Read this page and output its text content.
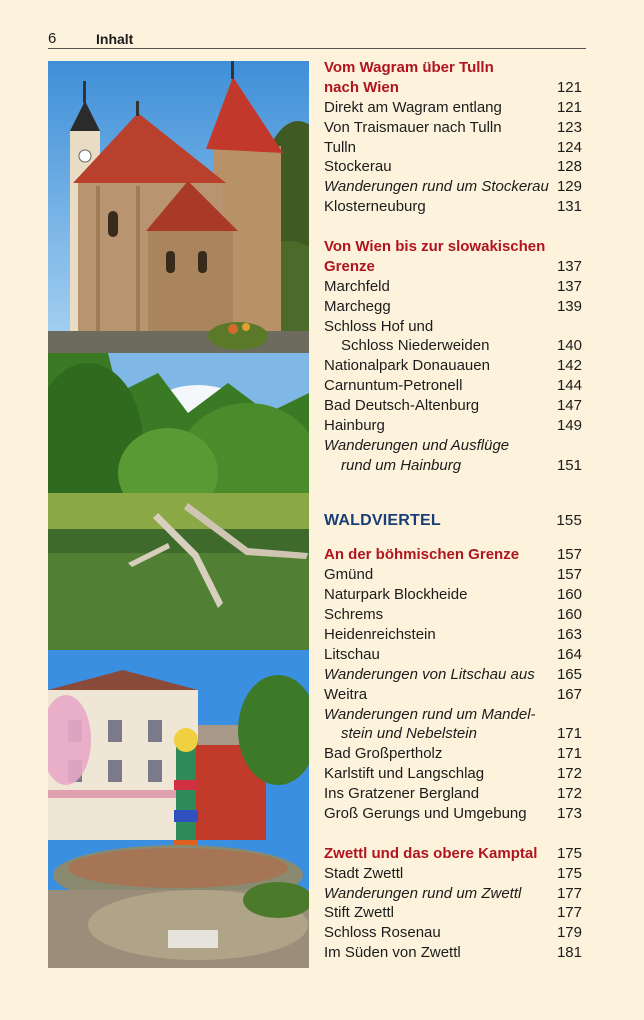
6	Inhalt
Vom Wagram über Tulln
nach Wien	121
Direkt am Wagram entlang	121
Von Traismauer nach Tulln	123
Tulln	124
Stockerau	128
Wanderungen rund um Stockerau 129
Klosterneuburg	131
Von Wien bis zur slowakischen
Grenze	137
Marchfeld	137
Marchegg	139
Schloss Hof und
Schloss Niederweiden	140
Nationalpark Donauauen	142
Carnuntum-Petronell	144
Bad Deutsch-Altenburg	147
Hainburg	149
Wanderungen und Ausflüge
rund um Hainburg	151
WALDVIERTEL	155
An der böhmischen Grenze	157
Gmünd	157
Naturpark Blockheide	160
Schrems	160
Heidenreichstein	163
Litschau	164
Wanderungen von Litschau aus 165
Weitra	167
Wanderungen rund um Mandel-
stein und Nebelstein	171
Bad Großpertholz	171
Karlstift und Langschlag	172
Ins Gratzener Bergland	172
Groß Gerungs und Umgebung 173
Zwettl und das obere Kamptal 175
Stadt Zwettl	175
Wanderungen rund um Zwettl 177
Stift Zwettl	177
Schloss Rosenau	179
Im Süden von Zwettl	181
